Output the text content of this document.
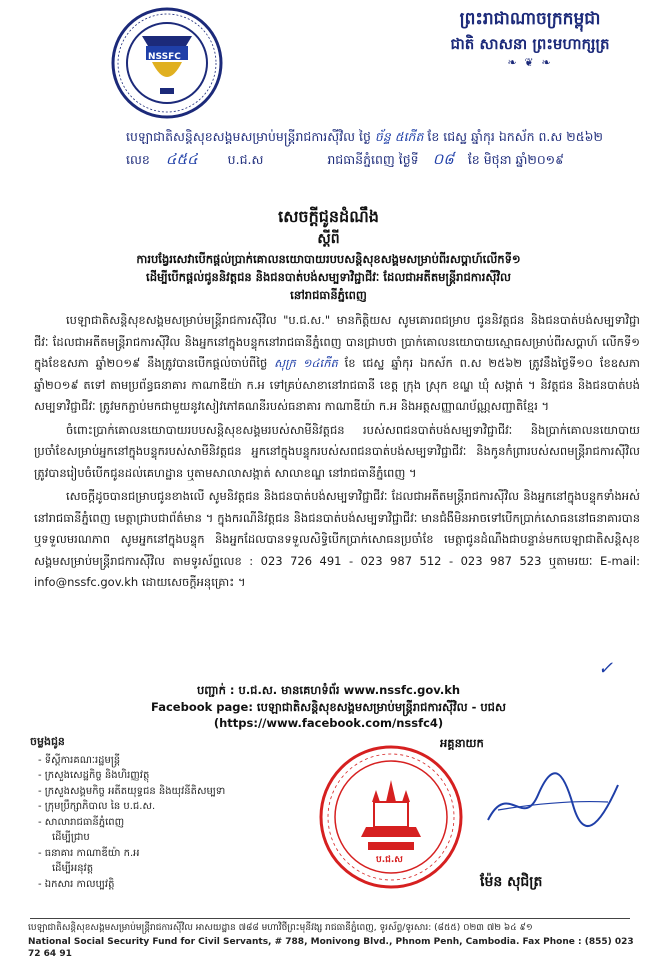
NSSFC
ព្រះរាជាណាចក្រកម្ពុជា
ជាតិ សាសនា ព្រះមហាក្សត្រ
❧ ❦ ❧
បេឡាជាតិសន្តិសុខសង្គមសម្រាប់មន្ត្រីរាជការស៊ីវិល ថ្ងៃ ច័ន្ទ ៥កើត ខែ ជេស្ឋ ឆ្នាំកុរ ឯកស័ក ព.ស ២៥៦២
លេខ ៤៥៤ ប.ជ.ស	រាជធានីភ្នំពេញ ថ្ងៃទី ០៨ ខែ មិថុនា ឆ្នាំ២០១៩
សេចក្តីជូនដំណឹង
ស្តីពី
ការបង្វែរសេវាបើកផ្តល់ប្រាក់គោលនយោបាយរបបសន្តិសុខសង្គមសម្រាប់ពីរសប្តាហ៍លើកទី១
ដើម្បីបើកផ្តល់ជូននិវត្តជន និងជនបាត់បង់សម្បទាវិជ្ជាជីវៈ ដែលជាអតីតមន្ត្រីរាជការស៊ីវិល
នៅរាជធានីភ្នំពេញ

បេឡាជាតិសន្តិសុខសង្គមសម្រាប់មន្ត្រីរាជការស៊ីវិល "ប.ជ.ស." មានកិត្តិយស សូមគោរពជម្រាប ជូននិវត្តជន និងជនបាត់បង់សម្បទាវិជ្ជាជីវៈ ដែលជាអតីតមន្ត្រីរាជការស៊ីវិល និងអ្នកនៅក្នុងបន្ទុកនៅរាជធានីភ្នំពេញ បានជ្រាបថា ប្រាក់គោលនយោបាយស្មោធសម្រាប់ពីរសប្តាហ៍ លើកទី១ ក្នុងខែឧសភា ឆ្នាំ២០១៩ នឹងត្រូវបានបើកផ្តល់ចាប់ពីថ្ងៃ សុក្រ ១៤កើត ខែ ជេស្ឋ ឆ្នាំកុរ ឯកស័ក ព.ស ២៥៦២ ត្រូវនឹងថ្ងៃទី១០ ខែឧសភា ឆ្នាំ២០១៩ តទៅ តាមប្រព័ន្ធធនាគារ កាណាឌីយ៉ា ក.អ ទៅគ្រប់សាខានៅរាជធានី ខេត្ត ក្រុង ស្រុក ខណ្ឌ ឃុំ សង្កាត់ ។ និវត្តជន និងជនបាត់បង់សម្បទាវិជ្ជាជីវៈ ត្រូវមកភ្ជាប់មកជាមួយនូវសៀវភៅគណនីរបស់ធនាគារ កាណាឌីយ៉ា ក.អ និងអត្តសញ្ញាណប័ណ្ណសញ្ជាតិខ្មែរ ។

ចំពោះប្រាក់គោលនយោបាយរបបសន្តិសុខសង្គមរបស់សាមីនិវត្តជន របស់សពជនបាត់បង់សម្បទាវិជ្ជាជីវៈ និងប្រាក់គោលនយោបាយប្រចាំខែសម្រាប់អ្នកនៅក្នុងបន្ទុករបស់សាមីនិវត្តជន អ្នកនៅក្នុងបន្ទុករបស់សពជនបាត់បង់សម្បទាវិជ្ជាជីវៈ និងកូនកំព្រារបស់សពមន្ត្រីរាជការស៊ីវិល ត្រូវបានរៀបចំបើកជូនដល់គេហដ្ឋាន ឬតាមសាលាសង្កាត់ សាលាខណ្ឌ នៅរាជធានីភ្នំពេញ ។

សេចក្តីដូចបានជម្រាបជូនខាងលើ សូមនិវត្តជន និងជនបាត់បង់សម្បទាវិជ្ជាជីវៈ ដែលជាអតីតមន្ត្រីរាជការស៊ីវិល និងអ្នកនៅក្នុងបន្ទុកទាំងអស់នៅរាជធានីភ្នំពេញ មេត្តាជ្រាបជាព័ត៌មាន ។ ក្នុងករណីនិវត្តជន និងជនបាត់បង់សម្បទាវិជ្ជាជីវៈ មានជំងឺមិនអាចទៅបើកប្រាក់សោធននៅធនាគារបាន ឬទទួលមរណភាព សូមអ្នកនៅក្នុងបន្ទុក និងអ្នកដែលបានទទួលសិទ្ធិបើកប្រាក់សោធនប្រចាំខែ មេត្តាជូនដំណឹងជាបន្ទាន់មកបេឡាជាតិសន្តិសុខសង្គមសម្រាប់មន្ត្រីរាជការស៊ីវិល តាមទូរស័ព្ទលេខ : 023 726 491 - 023 987 512 - 023 987 523 ឬតាមរយៈ E-mail: info@nssfc.gov.kh ដោយសេចក្តីអនុគ្រោះ ។

✓
បញ្ជាក់ : ប.ជ.ស. មានគេហទំព័រ www.nssfc.gov.kh
Facebook page: បេឡាជាតិសន្តិសុខសង្គមសម្រាប់មន្ត្រីរាជការស៊ីវិល - បជស
(https://www.facebook.com/nssfc4)
ចម្លងជូន
- ទីស្តីការគណៈរដ្ឋមន្ត្រី
- ក្រសួងសេដ្ឋកិច្ច និងហិរញ្ញវត្ថុ
- ក្រសួងសង្គមកិច្ច អតីតយុទ្ធជន និងយុវនីតិសម្បទា
- ក្រុមប្រឹក្សាភិបាល នៃ ប.ជ.ស.
- សាលារាជធានីភ្នំពេញ
ដើម្បីជ្រាប
- ធនាគារ កាណាឌីយ៉ា ក.អ
ដើម្បីអនុវត្ត
- ឯកសារ កាលប្បវត្តិ
អគ្គនាយក
ប.ជ.ស
ម៉ែន សុជិត្រ
បេឡាជាតិសន្តិសុខសង្គមសម្រាប់មន្ត្រីរាជការស៊ីវិល អាសយដ្ឋាន ៧៨៨ មហាវិថីព្រះមុនីវង្ស រាជធានីភ្នំពេញ, ទូរស័ព្ទ/ទូរសារ: (៨៥៥) ០២៣ ៧២ ៦៤ ៩១
National Social Security Fund for Civil Servants, # 788, Monivong Blvd., Phnom Penh, Cambodia. Fax Phone : (855) 023 72 64 91
